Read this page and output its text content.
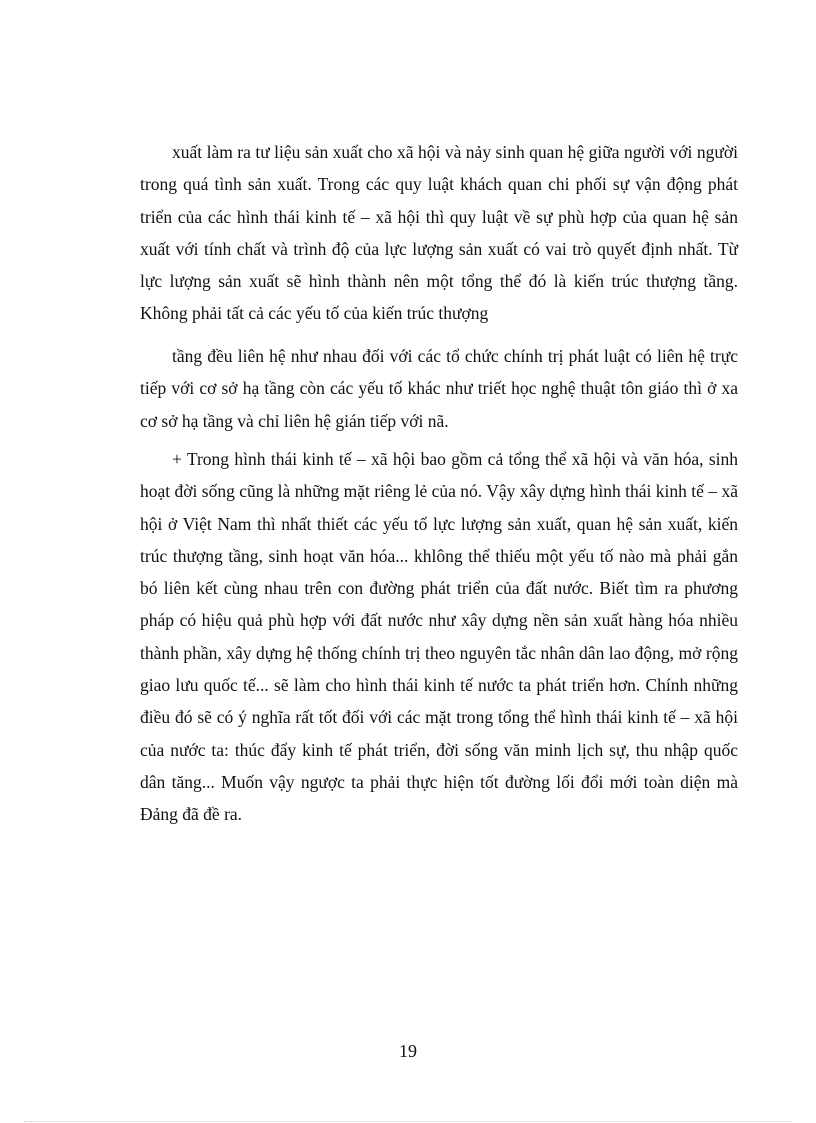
xuất làm ra tư liệu sản xuất cho xã hội và nảy sinh quan hệ giữa người với người trong quá tình sản xuất. Trong các quy luật khách quan chi phối sự vận động phát triển của các hình thái kinh tế – xã hội thì quy luật về sự phù hợp của quan hệ sản xuất với tính chất và trình độ của lực lượng sản xuất có vai trò quyết định nhất. Từ lực lượng sản xuất sẽ hình thành nên một tổng thể đó là kiến trúc thượng tầng. Không phải tất cả các yếu tố của kiến trúc thượng

tầng đều liên hệ như nhau đối với các tổ chức chính trị phát luật có liên hệ trực tiếp với cơ sở hạ tầng còn các yếu tố khác như triết học nghệ thuật tôn giáo thì ở xa cơ sở hạ tầng và chỉ liên hệ gián tiếp với nã.

+ Trong hình thái kinh tế – xã hội bao gồm cả tổng thể xã hội và văn hóa, sinh hoạt đời sống cũng là những mặt riêng lẻ của nó. Vậy xây dựng hình thái kinh tế – xã hội ở Việt Nam thì nhất thiết các yếu tố lực lượng sản xuất, quan hệ sản xuất, kiến trúc thượng tầng, sinh hoạt văn hóa... khlông thể thiếu một yếu tố nào mà phải gắn bó liên kết cùng nhau trên con đường phát triển của đất nước. Biết tìm ra phương pháp có hiệu quả phù hợp với đất nước như xây dựng nền sản xuất hàng hóa nhiều thành phần, xây dựng hệ thống chính trị theo nguyên tắc nhân dân lao động, mở rộng giao lưu quốc tế... sẽ làm cho hình thái kinh tế nước ta phát triển hơn. Chính những điều đó sẽ có ý nghĩa rất tốt đối với các mặt trong tổng thể hình thái kinh tế – xã hội của nước ta: thúc đẩy kinh tế phát triển, đời sống văn minh lịch sự, thu nhập quốc dân tăng... Muốn vậy ngược ta phải thực hiện tốt đường lối đổi mới toàn diện mà Đảng đã đề ra.

19
